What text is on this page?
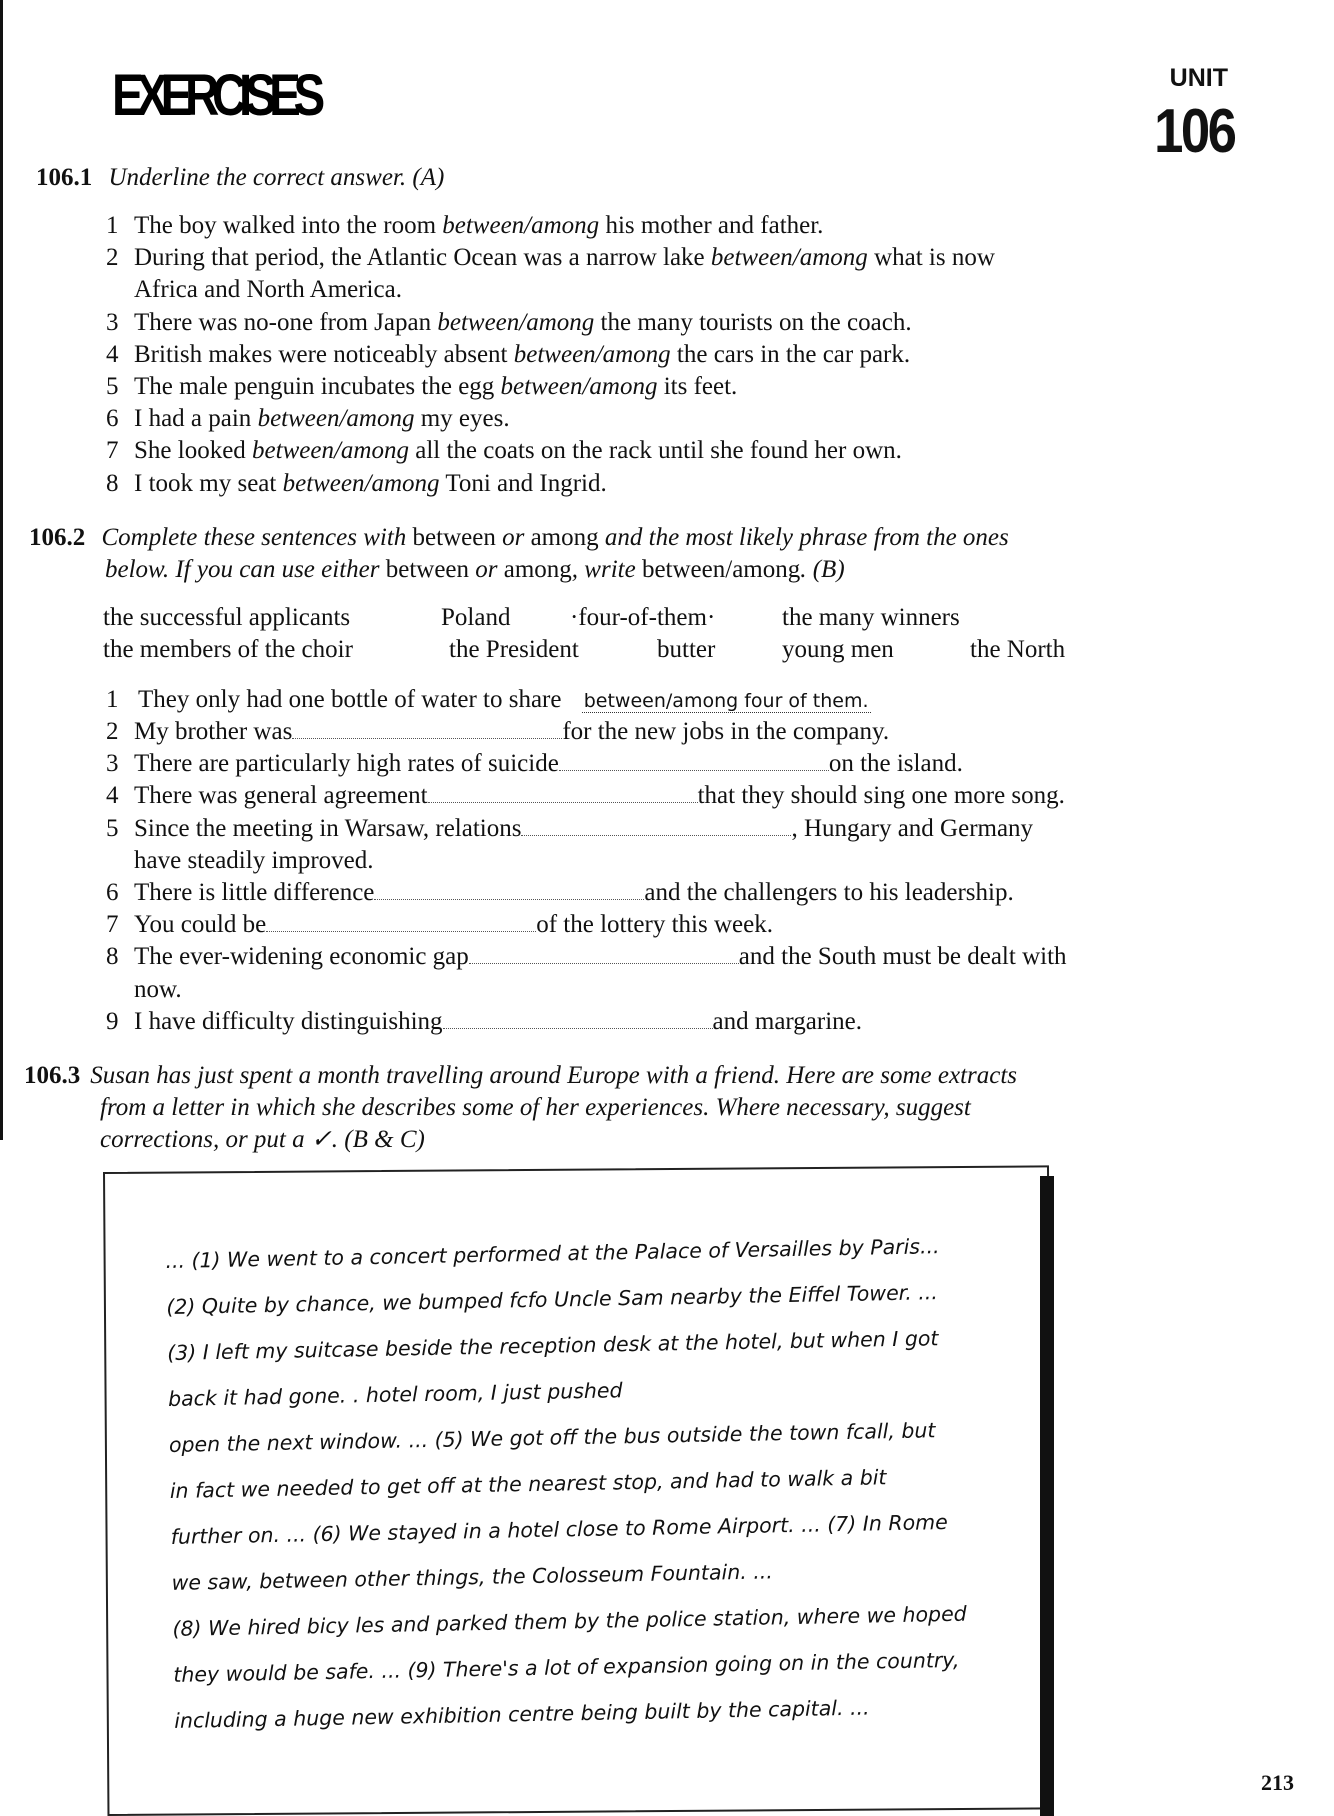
EXERCISES	UNIT
106
106.1 Underline the correct answer. (A)
1 The boy walked into the room between/among his mother and father.
2 During that period, the Atlantic Ocean was a narrow lake between/among what is now
Africa and North America.
3 There was no-one from Japan between/among the many tourists on the coach.
4 British makes were noticeably absent between/among the cars in the car park.
5 The male penguin incubates the egg between/among its feet.
6 I had a pain between/among my eyes.
7 She looked between/among all the coats on the rack until she found her own.
8 I took my seat between/among Toni and Ingrid.
106.2 Complete these sentences with between or among and the most likely phrase from the ones
below. If you can use either between or among, write between/among. (B)
the successful applicants	Poland ·four-of-them·	the many winners
the members of the choir	the President	butter	young men	the North
1 They only had one bottle of water to share between/among four of them.
2 My brother was	for the new jobs in the company.
3 There are particularly high rates of suicide	on the island.
4 There was general agreement	that they should sing one more song.
5 Since the meeting in Warsaw, relations	, Hungary and Germany
have steadily improved.
6 There is little difference	and the challengers to his leadership.
7 You could be	of the lottery this week.
8 The ever-widening economic gap	and the South must be dealt with
now.
9 I have difficulty distinguishing	and margarine.
106.3 Susan has just spent a month travelling around Europe with a friend. Here are some extracts
from a letter in which she describes some of her experiences. Where necessary, suggest
corrections, or put a ✓. (B & C)
... (1) We went to a concert performed at the Palace of Versailles by Paris...
(2) Quite by chance, we bumped fcfo Uncle Sam nearby the Eiffel Tower. ...
(3) I left my suitcase beside the reception desk at the hotel, but when I got
back it had gone. . hotel room, I just pushed
open the next window. ... (5) We got off the bus outside the town fcall, but
in fact we needed to get off at the nearest stop, and had to walk a bit
further on. ... (6) We stayed in a hotel close to Rome Airport. ... (7) In Rome
we saw, between other things, the Colosseum Fountain. ...
(8) We hired bicy les and parked them by the police station, where we hoped
they would be safe. ... (9) There's a lot of expansion going on in the country,
including a huge new exhibition centre being built by the capital. ...
213
